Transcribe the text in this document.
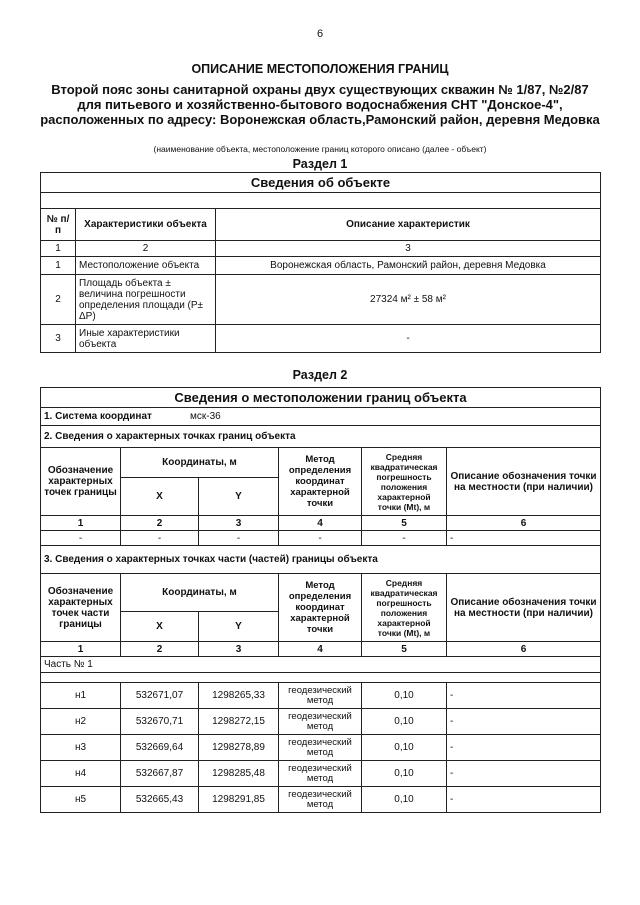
6
ОПИСАНИЕ МЕСТОПОЛОЖЕНИЯ ГРАНИЦ
Второй пояс зоны санитарной охраны двух существующих скважин № 1/87, №2/87 для питьевого и хозяйственно-бытового водоснабжения СНТ "Донское-4", расположенных по адресу: Воронежская область,Рамонский район, деревня Медовка
(наименование объекта, местоположение границ которого описано (далее - объект)
Раздел 1
Сведения об объекте		

№ п/п	Характеристики объекта	Описание характеристик
1	2	3
1	Местоположение объекта	Воронежская область, Рамонский район, деревня Медовка
2	Площадь объекта ± величина погрешности определения площади (Р± ΔР)	27324 м² ± 58 м²
3	Иные характеристики объекта	-
Раздел 2
Сведения о местоположении границ объекта					
1. Система координат мск-36					
2. Сведения о характерных точках границ объекта					
Обозначение характерных точек границы	Координаты, м		Метод определения координат характерной точки	Средняя квадратическая погрешность положения характерной точки (Mt), м	Описание обозначения точки на местности (при наличии)
	X	Y			
1	2	3	4	5	6
-	-	-	-	-	-
3. Сведения о характерных точках части (частей) границы объекта					
Обозначение характерных точек части границы	Координаты, м		Метод определения координат характерной точки	Средняя квадратическая погрешность положения характерной точки (Mt), м	Описание обозначения точки на местности (при наличии)
	X	Y			
1	2	3	4	5	6
Часть № 1					

н1	532671,07	1298265,33	геодезический метод	0,10	-
н2	532670,71	1298272,15	геодезический метод	0,10	-
н3	532669,64	1298278,89	геодезический метод	0,10	-
н4	532667,87	1298285,48	геодезический метод	0,10	-
н5	532665,43	1298291,85	геодезический метод	0,10	-
